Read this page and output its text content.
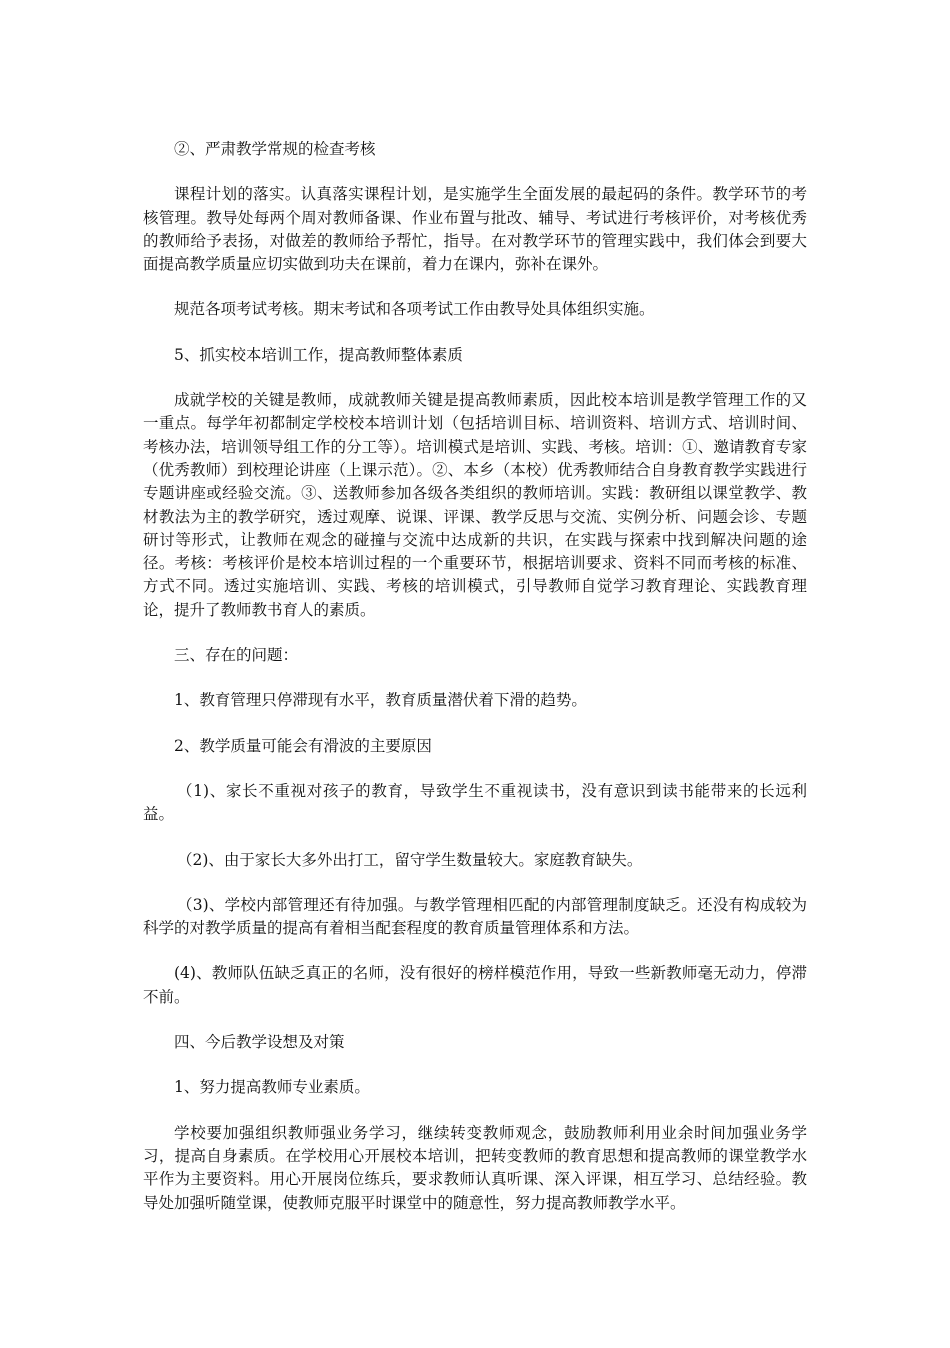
②、严肃教学常规的检查考核

课程计划的落实。认真落实课程计划，是实施学生全面发展的最起码的条件。教学环节的考核管理。教导处每两个周对教师备课、作业布置与批改、辅导、考试进行考核评价，对考核优秀的教师给予表扬，对做差的教师给予帮忙，指导。在对教学环节的管理实践中，我们体会到要大面提高教学质量应切实做到功夫在课前，着力在课内，弥补在课外。

规范各项考试考核。期末考试和各项考试工作由教导处具体组织实施。

5、抓实校本培训工作，提高教师整体素质

成就学校的关键是教师，成就教师关键是提高教师素质，因此校本培训是教学管理工作的又一重点。每学年初都制定学校校本培训计划（包括培训目标、培训资料、培训方式、培训时间、考核办法，培训领导组工作的分工等）。培训模式是培训、实践、考核。培训：①、邀请教育专家（优秀教师）到校理论讲座（上课示范）。②、本乡（本校）优秀教师结合自身教育教学实践进行专题讲座或经验交流。③、送教师参加各级各类组织的教师培训。实践：教研组以课堂教学、教材教法为主的教学研究，透过观摩、说课、评课、教学反思与交流、实例分析、问题会诊、专题研讨等形式，让教师在观念的碰撞与交流中达成新的共识，在实践与探索中找到解决问题的途径。考核：考核评价是校本培训过程的一个重要环节，根据培训要求、资料不同而考核的标准、方式不同。透过实施培训、实践、考核的培训模式，引导教师自觉学习教育理论、实践教育理论，提升了教师教书育人的素质。

三、存在的问题：

1、教育管理只停滞现有水平，教育质量潜伏着下滑的趋势。

2、教学质量可能会有滑波的主要原因

（1)、家长不重视对孩子的教育，导致学生不重视读书，没有意识到读书能带来的长远利益。

（2)、由于家长大多外出打工，留守学生数量较大。家庭教育缺失。

（3)、学校内部管理还有待加强。与教学管理相匹配的内部管理制度缺乏。还没有构成较为科学的对教学质量的提高有着相当配套程度的教育质量管理体系和方法。

(4)、教师队伍缺乏真正的名师，没有很好的榜样模范作用，导致一些新教师毫无动力，停滞不前。

四、今后教学设想及对策

1、努力提高教师专业素质。

学校要加强组织教师强业务学习，继续转变教师观念，鼓励教师利用业余时间加强业务学习，提高自身素质。在学校用心开展校本培训，把转变教师的教育思想和提高教师的课堂教学水平作为主要资料。用心开展岗位练兵，要求教师认真听课、深入评课，相互学习、总结经验。教导处加强听随堂课，使教师克服平时课堂中的随意性，努力提高教师教学水平。
